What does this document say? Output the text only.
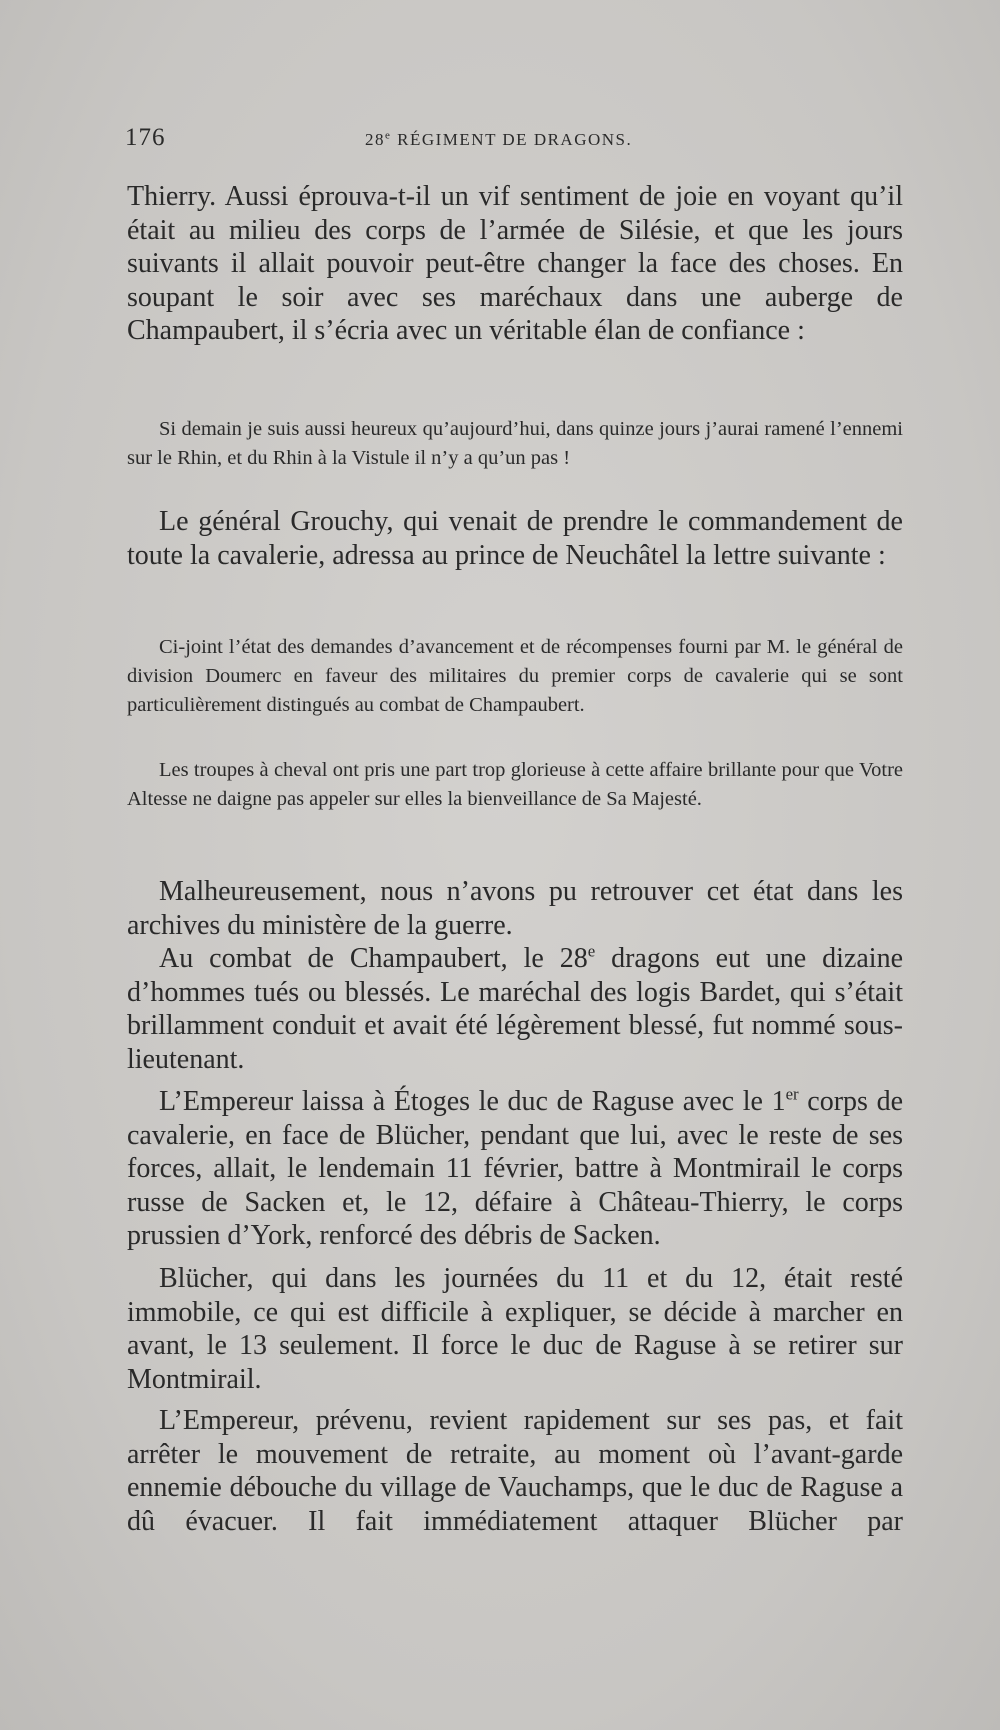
176	28e RÉGIMENT DE DRAGONS.

Thierry. Aussi éprouva-t-il un vif sentiment de joie en voyant qu’il était au milieu des corps de l’armée de Silésie, et que les jours suivants il allait pouvoir peut-être changer la face des choses. En soupant le soir avec ses maréchaux dans une auberge de Champaubert, il s’écria avec un véritable élan de confiance :

Si demain je suis aussi heureux qu’aujourd’hui, dans quinze jours j’aurai ramené l’ennemi sur le Rhin, et du Rhin à la Vistule il n’y a qu’un pas !

Le général Grouchy, qui venait de prendre le commandement de toute la cavalerie, adressa au prince de Neuchâtel la lettre suivante :

Ci-joint l’état des demandes d’avancement et de récompenses fourni par M. le général de division Doumerc en faveur des militaires du premier corps de cavalerie qui se sont particulièrement distingués au combat de Champaubert.

Les troupes à cheval ont pris une part trop glorieuse à cette affaire brillante pour que Votre Altesse ne daigne pas appeler sur elles la bienveillance de Sa Majesté.

Malheureusement, nous n’avons pu retrouver cet état dans les archives du ministère de la guerre.

Au combat de Champaubert, le 28e dragons eut une dizaine d’hommes tués ou blessés. Le maréchal des logis Bardet, qui s’était brillamment conduit et avait été légèrement blessé, fut nommé sous-lieutenant.

L’Empereur laissa à Étoges le duc de Raguse avec le 1er corps de cavalerie, en face de Blücher, pendant que lui, avec le reste de ses forces, allait, le lendemain 11 février, battre à Montmirail le corps russe de Sacken et, le 12, défaire à Château-Thierry, le corps prussien d’York, renforcé des débris de Sacken.

Blücher, qui dans les journées du 11 et du 12, était resté immobile, ce qui est difficile à expliquer, se décide à marcher en avant, le 13 seulement. Il force le duc de Raguse à se retirer sur Montmirail.

L’Empereur, prévenu, revient rapidement sur ses pas, et fait arrêter le mouvement de retraite, au moment où l’avant-garde ennemie débouche du village de Vauchamps, que le duc de Raguse a dû évacuer. Il fait immédiatement attaquer Blücher par
